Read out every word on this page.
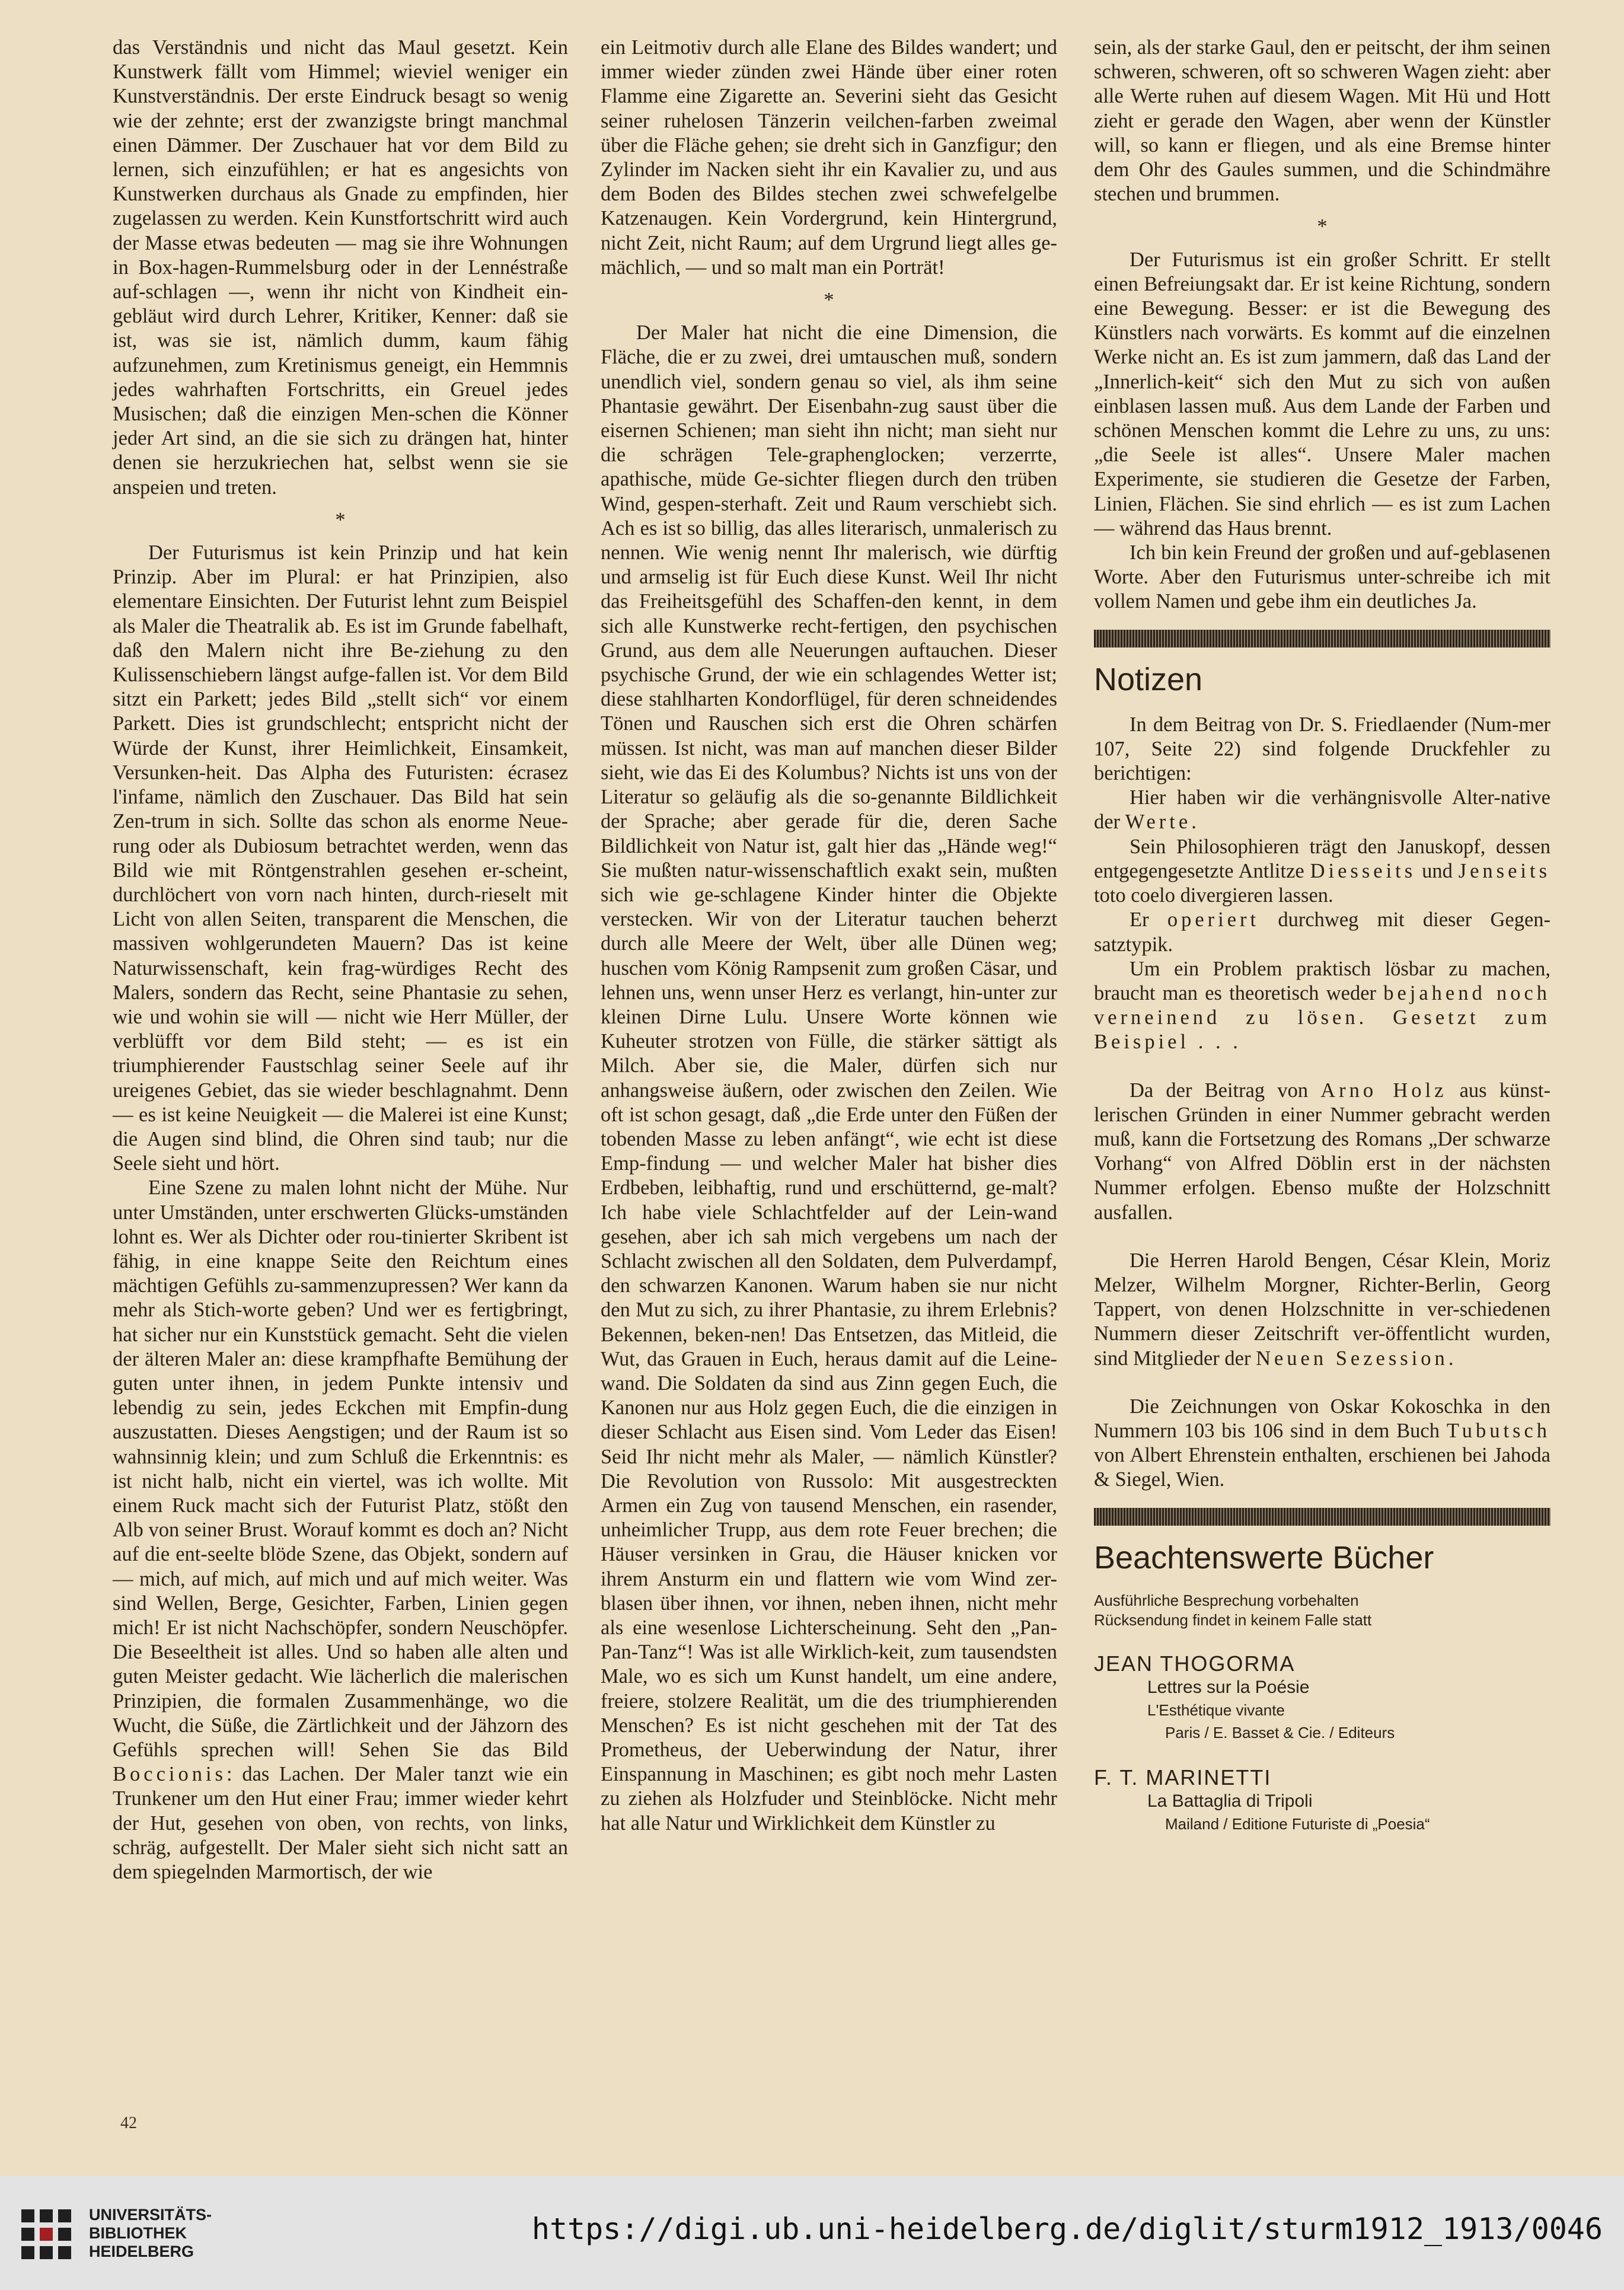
das Verständnis und nicht das Maul gesetzt. Kein Kunstwerk fällt vom Himmel; wieviel weniger ein Kunstverständnis. Der erste Eindruck besagt so wenig wie der zehnte; erst der zwanzigste bringt manchmal einen Dämmer. Der Zuschauer hat vor dem Bild zu lernen, sich einzufühlen; er hat es angesichts von Kunstwerken durchaus als Gnade zu empfinden, hier zugelassen zu werden. Kein Kunstfortschritt wird auch der Masse etwas bedeuten — mag sie ihre Wohnungen in Box-hagen-Rummelsburg oder in der Lennéstraße auf-schlagen —, wenn ihr nicht von Kindheit ein-gebläut wird durch Lehrer, Kritiker, Kenner: daß sie ist, was sie ist, nämlich dumm, kaum fähig aufzunehmen, zum Kretinismus geneigt, ein Hemmnis jedes wahrhaften Fortschritts, ein Greuel jedes Musischen; daß die einzigen Men-schen die Könner jeder Art sind, an die sie sich zu drängen hat, hinter denen sie herzukriechen hat, selbst wenn sie sie anspeien und treten.

*

Der Futurismus ist kein Prinzip und hat kein Prinzip. Aber im Plural: er hat Prinzipien, also elementare Einsichten. Der Futurist lehnt zum Beispiel als Maler die Theatralik ab. Es ist im Grunde fabelhaft, daß den Malern nicht ihre Be-ziehung zu den Kulissenschiebern längst aufge-fallen ist. Vor dem Bild sitzt ein Parkett; jedes Bild „stellt sich“ vor einem Parkett. Dies ist grundschlecht; entspricht nicht der Würde der Kunst, ihrer Heimlichkeit, Einsamkeit, Versunken-heit. Das Alpha des Futuristen: écrasez l'infame, nämlich den Zuschauer. Das Bild hat sein Zen-trum in sich. Sollte das schon als enorme Neue-rung oder als Dubiosum betrachtet werden, wenn das Bild wie mit Röntgenstrahlen gesehen er-scheint, durchlöchert von vorn nach hinten, durch-rieselt mit Licht von allen Seiten, transparent die Menschen, die massiven wohlgerundeten Mauern? Das ist keine Naturwissenschaft, kein frag-würdiges Recht des Malers, sondern das Recht, seine Phantasie zu sehen, wie und wohin sie will — nicht wie Herr Müller, der verblüfft vor dem Bild steht; — es ist ein triumphierender Faustschlag seiner Seele auf ihr ureigenes Gebiet, das sie wieder beschlagnahmt. Denn — es ist keine Neuigkeit — die Malerei ist eine Kunst; die Augen sind blind, die Ohren sind taub; nur die Seele sieht und hört.

Eine Szene zu malen lohnt nicht der Mühe. Nur unter Umständen, unter erschwerten Glücks-umständen lohnt es. Wer als Dichter oder rou-tinierter Skribent ist fähig, in eine knappe Seite den Reichtum eines mächtigen Gefühls zu-sammenzupressen? Wer kann da mehr als Stich-worte geben? Und wer es fertigbringt, hat sicher nur ein Kunststück gemacht. Seht die vielen der älteren Maler an: diese krampfhafte Bemühung der guten unter ihnen, in jedem Punkte intensiv und lebendig zu sein, jedes Eckchen mit Empfin-dung auszustatten. Dieses Aengstigen; und der Raum ist so wahnsinnig klein; und zum Schluß die Erkenntnis: es ist nicht halb, nicht ein viertel, was ich wollte. Mit einem Ruck macht sich der Futurist Platz, stößt den Alb von seiner Brust. Worauf kommt es doch an? Nicht auf die ent-seelte blöde Szene, das Objekt, sondern auf — mich, auf mich, auf mich und auf mich weiter. Was sind Wellen, Berge, Gesichter, Farben, Linien gegen mich! Er ist nicht Nachschöpfer, sondern Neuschöpfer. Die Beseeltheit ist alles. Und so haben alle alten und guten Meister gedacht. Wie lächerlich die malerischen Prinzipien, die formalen Zusammenhänge, wo die Wucht, die Süße, die Zärtlichkeit und der Jähzorn des Gefühls sprechen will! Sehen Sie das Bild Boccionis: das Lachen. Der Maler tanzt wie ein Trunkener um den Hut einer Frau; immer wieder kehrt der Hut, gesehen von oben, von rechts, von links, schräg, aufgestellt. Der Maler sieht sich nicht satt an dem spiegelnden Marmortisch, der wie

ein Leitmotiv durch alle Elane des Bildes wandert; und immer wieder zünden zwei Hände über einer roten Flamme eine Zigarette an. Severini sieht das Gesicht seiner ruhelosen Tänzerin veilchen-farben zweimal über die Fläche gehen; sie dreht sich in Ganzfigur; den Zylinder im Nacken sieht ihr ein Kavalier zu, und aus dem Boden des Bildes stechen zwei schwefelgelbe Katzenaugen. Kein Vordergrund, kein Hintergrund, nicht Zeit, nicht Raum; auf dem Urgrund liegt alles ge-mächlich, — und so malt man ein Porträt!

*

Der Maler hat nicht die eine Dimension, die Fläche, die er zu zwei, drei umtauschen muß, sondern unendlich viel, sondern genau so viel, als ihm seine Phantasie gewährt. Der Eisenbahn-zug saust über die eisernen Schienen; man sieht ihn nicht; man sieht nur die schrägen Tele-graphenglocken; verzerrte, apathische, müde Ge-sichter fliegen durch den trüben Wind, gespen-sterhaft. Zeit und Raum verschiebt sich. Ach es ist so billig, das alles literarisch, unmalerisch zu nennen. Wie wenig nennt Ihr malerisch, wie dürftig und armselig ist für Euch diese Kunst. Weil Ihr nicht das Freiheitsgefühl des Schaffen-den kennt, in dem sich alle Kunstwerke recht-fertigen, den psychischen Grund, aus dem alle Neuerungen auftauchen. Dieser psychische Grund, der wie ein schlagendes Wetter ist; diese stahlharten Kondorflügel, für deren schneidendes Tönen und Rauschen sich erst die Ohren schärfen müssen. Ist nicht, was man auf manchen dieser Bilder sieht, wie das Ei des Kolumbus? Nichts ist uns von der Literatur so geläufig als die so-genannte Bildlichkeit der Sprache; aber gerade für die, deren Sache Bildlichkeit von Natur ist, galt hier das „Hände weg!“ Sie mußten natur-wissenschaftlich exakt sein, mußten sich wie ge-schlagene Kinder hinter die Objekte verstecken. Wir von der Literatur tauchen beherzt durch alle Meere der Welt, über alle Dünen weg; huschen vom König Rampsenit zum großen Cäsar, und lehnen uns, wenn unser Herz es verlangt, hin-unter zur kleinen Dirne Lulu. Unsere Worte können wie Kuheuter strotzen von Fülle, die stärker sättigt als Milch. Aber sie, die Maler, dürfen sich nur anhangsweise äußern, oder zwischen den Zeilen. Wie oft ist schon gesagt, daß „die Erde unter den Füßen der tobenden Masse zu leben anfängt“, wie echt ist diese Emp-findung — und welcher Maler hat bisher dies Erdbeben, leibhaftig, rund und erschütternd, ge-malt? Ich habe viele Schlachtfelder auf der Lein-wand gesehen, aber ich sah mich vergebens um nach der Schlacht zwischen all den Soldaten, dem Pulverdampf, den schwarzen Kanonen. Warum haben sie nur nicht den Mut zu sich, zu ihrer Phantasie, zu ihrem Erlebnis? Bekennen, beken-nen! Das Entsetzen, das Mitleid, die Wut, das Grauen in Euch, heraus damit auf die Leine-wand. Die Soldaten da sind aus Zinn gegen Euch, die Kanonen nur aus Holz gegen Euch, die die einzigen in dieser Schlacht aus Eisen sind. Vom Leder das Eisen! Seid Ihr nicht mehr als Maler, — nämlich Künstler? Die Revolution von Russolo: Mit ausgestreckten Armen ein Zug von tausend Menschen, ein rasender, unheimlicher Trupp, aus dem rote Feuer brechen; die Häuser versinken in Grau, die Häuser knicken vor ihrem Ansturm ein und flattern wie vom Wind zer-blasen über ihnen, vor ihnen, neben ihnen, nicht mehr als eine wesenlose Lichterscheinung. Seht den „Pan-Pan-Tanz“! Was ist alle Wirklich-keit, zum tausendsten Male, wo es sich um Kunst handelt, um eine andere, freiere, stolzere Realität, um die des triumphierenden Menschen? Es ist nicht geschehen mit der Tat des Prometheus, der Ueberwindung der Natur, ihrer Einspannung in Maschinen; es gibt noch mehr Lasten zu ziehen als Holzfuder und Steinblöcke. Nicht mehr hat alle Natur und Wirklichkeit dem Künstler zu

sein, als der starke Gaul, den er peitscht, der ihm seinen schweren, schweren, oft so schweren Wagen zieht: aber alle Werte ruhen auf diesem Wagen. Mit Hü und Hott zieht er gerade den Wagen, aber wenn der Künstler will, so kann er fliegen, und als eine Bremse hinter dem Ohr des Gaules summen, und die Schindmähre stechen und brummen.

*

Der Futurismus ist ein großer Schritt. Er stellt einen Befreiungsakt dar. Er ist keine Richtung, sondern eine Bewegung. Besser: er ist die Bewegung des Künstlers nach vorwärts. Es kommt auf die einzelnen Werke nicht an. Es ist zum jammern, daß das Land der „Innerlich-keit“ sich den Mut zu sich von außen einblasen lassen muß. Aus dem Lande der Farben und schönen Menschen kommt die Lehre zu uns, zu uns: „die Seele ist alles“. Unsere Maler machen Experimente, sie studieren die Gesetze der Farben, Linien, Flächen. Sie sind ehrlich — es ist zum Lachen — während das Haus brennt.

Ich bin kein Freund der großen und auf-geblasenen Worte. Aber den Futurismus unter-schreibe ich mit vollem Namen und gebe ihm ein deutliches Ja.

Notizen

In dem Beitrag von Dr. S. Friedlaender (Num-mer 107, Seite 22) sind folgende Druckfehler zu berichtigen:

Hier haben wir die verhängnisvolle Alter-native der Werte.

Sein Philosophieren trägt den Januskopf, dessen entgegengesetzte Antlitze Diesseits und Jenseits toto coelo divergieren lassen.

Er operiert durchweg mit dieser Gegen-satztypik.

Um ein Problem praktisch lösbar zu machen, braucht man es theoretisch weder bejahend noch verneinend zu lösen. Gesetzt zum Beispiel . . .

Da der Beitrag von Arno Holz aus künst-lerischen Gründen in einer Nummer gebracht werden muß, kann die Fortsetzung des Romans „Der schwarze Vorhang“ von Alfred Döblin erst in der nächsten Nummer erfolgen. Ebenso mußte der Holzschnitt ausfallen.

Die Herren Harold Bengen, César Klein, Moriz Melzer, Wilhelm Morgner, Richter-Berlin, Georg Tappert, von denen Holzschnitte in ver-schiedenen Nummern dieser Zeitschrift ver-öffentlicht wurden, sind Mitglieder der Neuen Sezession.

Die Zeichnungen von Oskar Kokoschka in den Nummern 103 bis 106 sind in dem Buch Tubutsch von Albert Ehrenstein enthalten, erschienen bei Jahoda & Siegel, Wien.

Beachtenswerte Bücher

Ausführliche Besprechung vorbehalten

Rücksendung findet in keinem Falle statt

JEAN THOGORMA
Lettres sur la Poésie
L'Esthétique vivante
Paris / E. Basset & Cie. / Editeurs
F. T. MARINETTI
La Battaglia di Tripoli
Mailand / Editione Futuriste di „Poesia“
42
UNIVERSITÄTS-
BIBLIOTHEK
HEIDELBERG
https://digi.ub.uni-heidelberg.de/diglit/sturm1912_1913/0046
